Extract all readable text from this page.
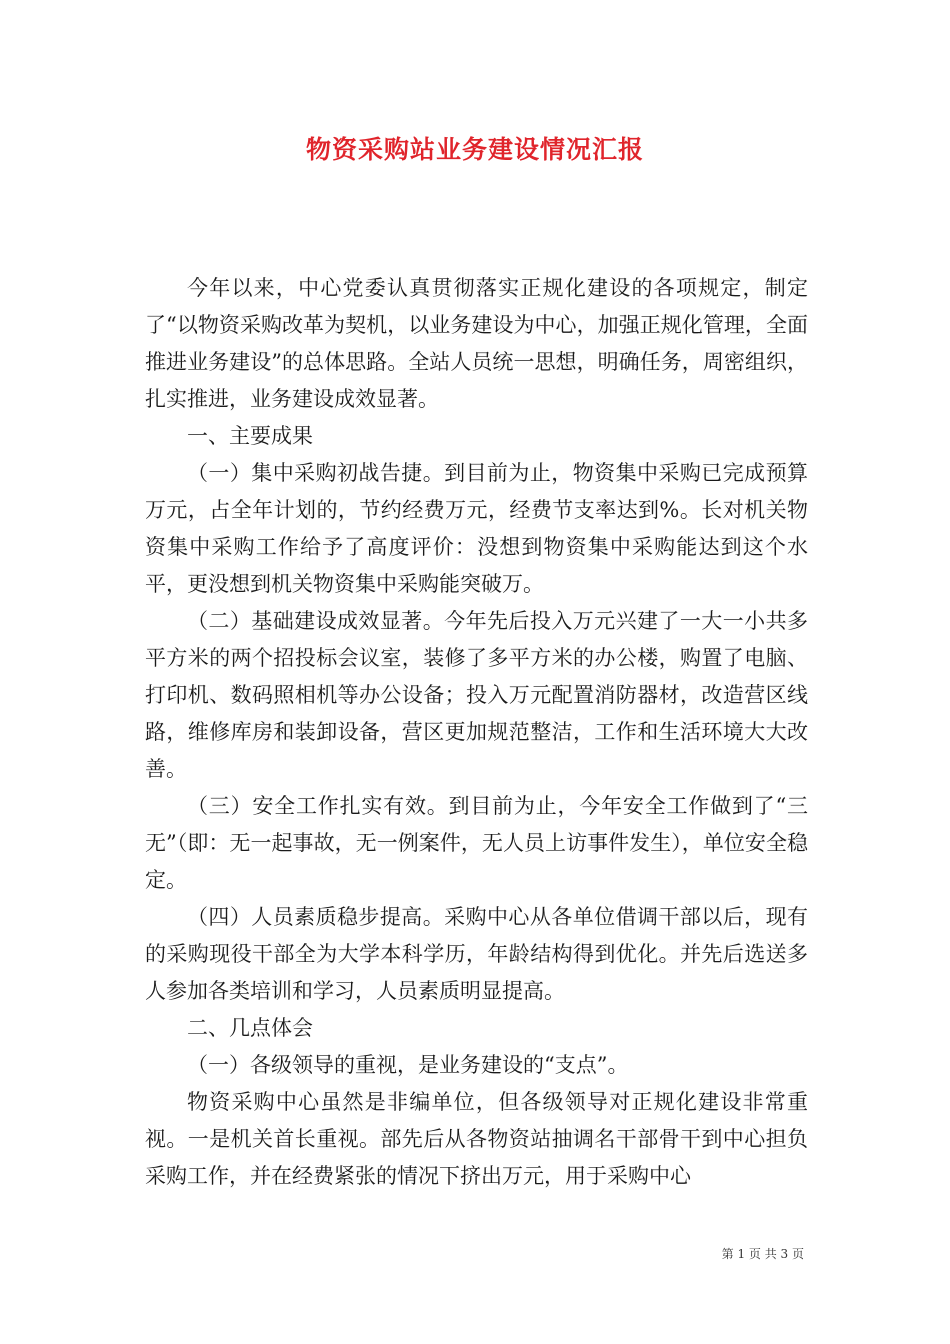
物资采购站业务建设情况汇报

今年以来，中心党委认真贯彻落实正规化建设的各项规定，制定了“以物资采购改革为契机，以业务建设为中心，加强正规化管理，全面推进业务建设”的总体思路。全站人员统一思想，明确任务，周密组织，扎实推进，业务建设成效显著。

一、主要成果

（一）集中采购初战告捷。到目前为止，物资集中采购已完成预算万元，占全年计划的，节约经费万元，经费节支率达到%。长对机关物资集中采购工作给予了高度评价：没想到物资集中采购能达到这个水平，更没想到机关物资集中采购能突破万。

（二）基础建设成效显著。今年先后投入万元兴建了一大一小共多平方米的两个招投标会议室，装修了多平方米的办公楼，购置了电脑、打印机、数码照相机等办公设备；投入万元配置消防器材，改造营区线路，维修库房和装卸设备，营区更加规范整洁，工作和生活环境大大改善。

（三）安全工作扎实有效。到目前为止，今年安全工作做到了“三无”（即：无一起事故，无一例案件，无人员上访事件发生），单位安全稳定。

（四）人员素质稳步提高。采购中心从各单位借调干部以后，现有的采购现役干部全为大学本科学历，年龄结构得到优化。并先后选送多人参加各类培训和学习，人员素质明显提高。

二、几点体会

（一）各级领导的重视，是业务建设的“支点”。

物资采购中心虽然是非编单位，但各级领导对正规化建设非常重视。一是机关首长重视。部先后从各物资站抽调名干部骨干到中心担负采购工作，并在经费紧张的情况下挤出万元，用于采购中心

第 1 页 共 3 页
